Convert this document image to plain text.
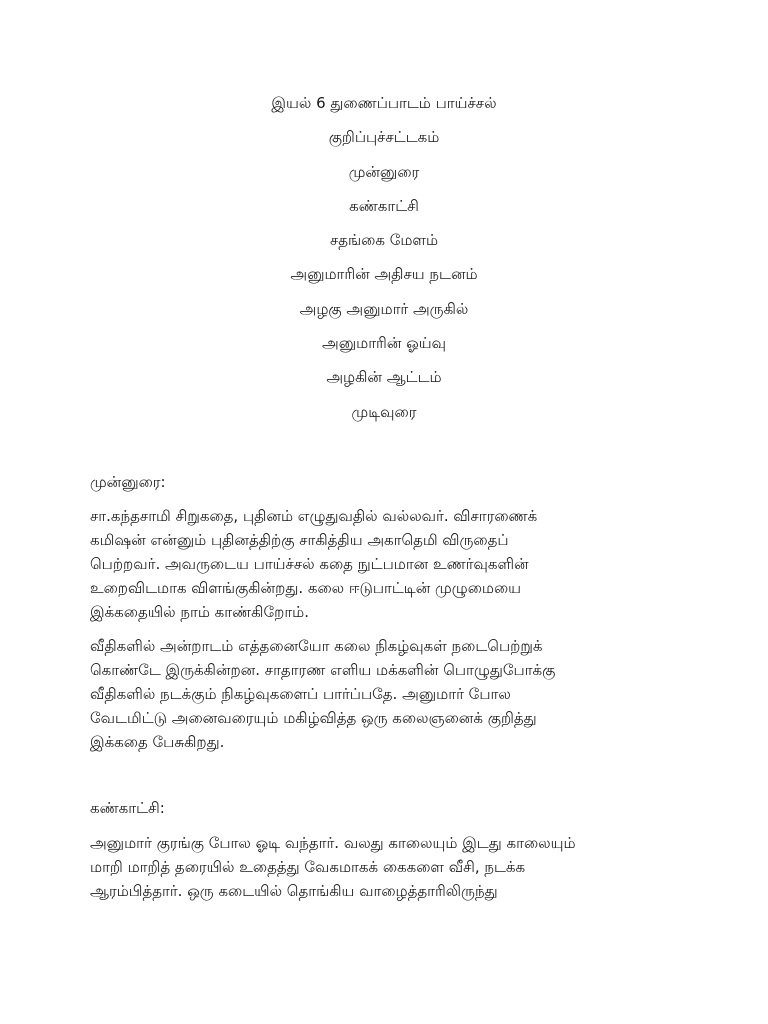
இயல் 6 துணைப்பாடம் பாய்ச்சல்
குறிப்புச்சட்டகம்
முன்னுரை
கண்காட்சி
சதங்கை மேளம்
அனுமாரின் அதிசய நடனம்
அழகு அனுமார் அருகில்
அனுமாரின் ஓய்வு
அழகின் ஆட்டம்
முடிவுரை

முன்னுரை:

சா.கந்தசாமி சிறுகதை, புதினம் எழுதுவதில் வல்லவர். விசாரணைக்
கமிஷன் என்னும் புதினத்திற்கு சாகித்திய அகாதெமி விருதைப்
பெற்றவர். அவருடைய பாய்ச்சல் கதை நுட்பமான உணர்வுகளின்
உறைவிடமாக விளங்குகின்றது. கலை ஈடுபாட்டின் முழுமையை
இக்கதையில் நாம் காண்கிறோம்.

வீதிகளில் அன்றாடம் எத்தனையோ கலை நிகழ்வுகள் நடைபெற்றுக்
கொண்டே இருக்கின்றன. சாதாரண எளிய மக்களின் பொழுதுபோக்கு
வீதிகளில் நடக்கும் நிகழ்வுகளைப் பார்ப்பதே. அனுமார் போல
வேடமிட்டு அனைவரையும் மகிழ்வித்த ஒரு கலைஞனைக் குறித்து
இக்கதை பேசுகிறது.

கண்காட்சி:

அனுமார் குரங்கு போல ஓடி வந்தார். வலது காலையும் இடது காலையும்
மாறி மாறித் தரையில் உதைத்து வேகமாகக் கைகளை வீசி, நடக்க
ஆரம்பித்தார். ஒரு கடையில் தொங்கிய வாழைத்தாரிலிருந்து
